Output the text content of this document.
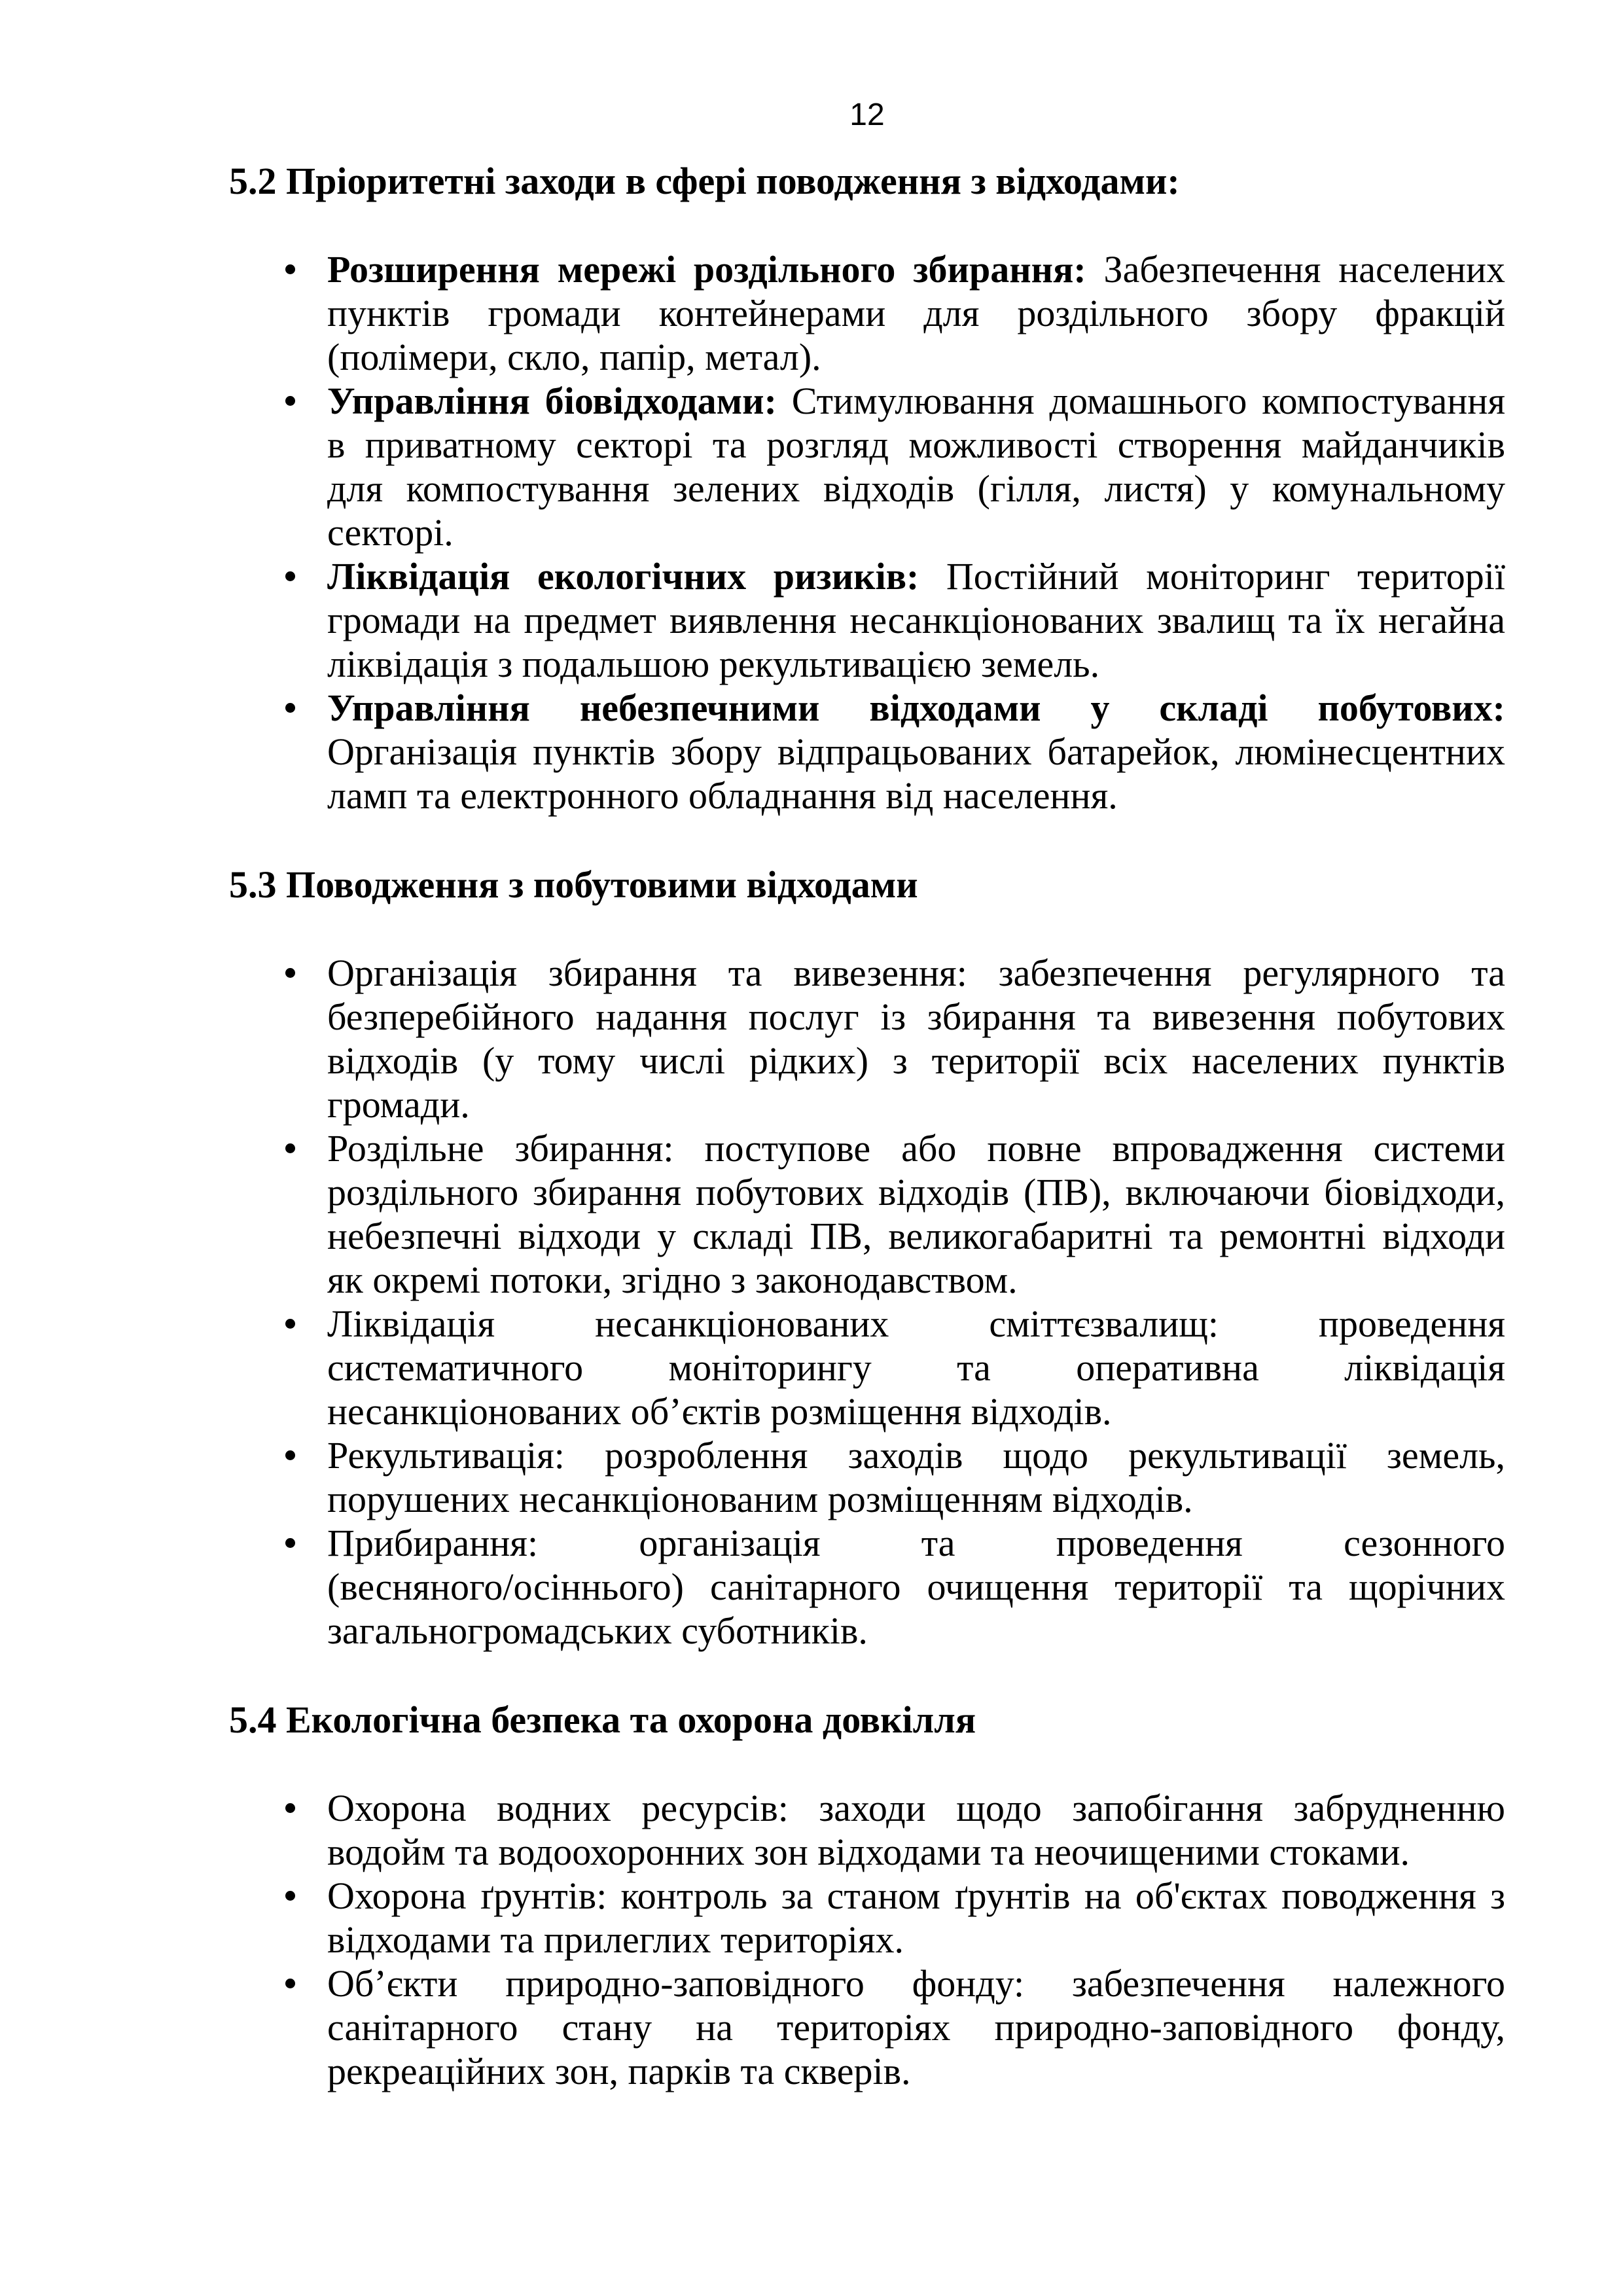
12
5.2 Пріоритетні заходи в сфері поводження з відходами:
Розширення мережі роздільного збирання: Забезпечення населених
пунктів громади контейнерами для роздільного збору фракцій
(полімери, скло, папір, метал).
Управління біовідходами: Стимулювання домашнього компостування
в приватному секторі та розгляд можливості створення майданчиків
для компостування зелених відходів (гілля, листя) у комунальному
секторі.
Ліквідація екологічних ризиків: Постійний моніторинг території
громади на предмет виявлення несанкціонованих звалищ та їх негайна
ліквідація з подальшою рекультивацією земель.
Управління небезпечними відходами у складі побутових:
Організація пунктів збору відпрацьованих батарейок, люмінесцентних
ламп та електронного обладнання від населення.
5.3 Поводження з побутовими відходами
Організація збирання та вивезення: забезпечення регулярного та
безперебійного надання послуг із збирання та вивезення побутових
відходів (у тому числі рідких) з території всіх населених пунктів
громади.
Роздільне збирання: поступове або повне впровадження системи
роздільного збирання побутових відходів (ПВ), включаючи біовідходи,
небезпечні відходи у складі ПВ, великогабаритні та ремонтні відходи
як окремі потоки, згідно з законодавством.
Ліквідація несанкціонованих сміттєзвалищ: проведення
систематичного моніторингу та оперативна ліквідація
несанкціонованих об’єктів розміщення відходів.
Рекультивація: розроблення заходів щодо рекультивації земель,
порушених несанкціонованим розміщенням відходів.
Прибирання: організація та проведення сезонного
(весняного/осіннього) санітарного очищення території та щорічних
загальногромадських суботників.
5.4 Екологічна безпека та охорона довкілля
Охорона водних ресурсів: заходи щодо запобігання забрудненню
водойм та водоохоронних зон відходами та неочищеними стоками.
Охорона ґрунтів: контроль за станом ґрунтів на об'єктах поводження з
відходами та прилеглих територіях.
Об’єкти природно-заповідного фонду: забезпечення належного
санітарного стану на територіях природно-заповідного фонду,
рекреаційних зон, парків та скверів.
